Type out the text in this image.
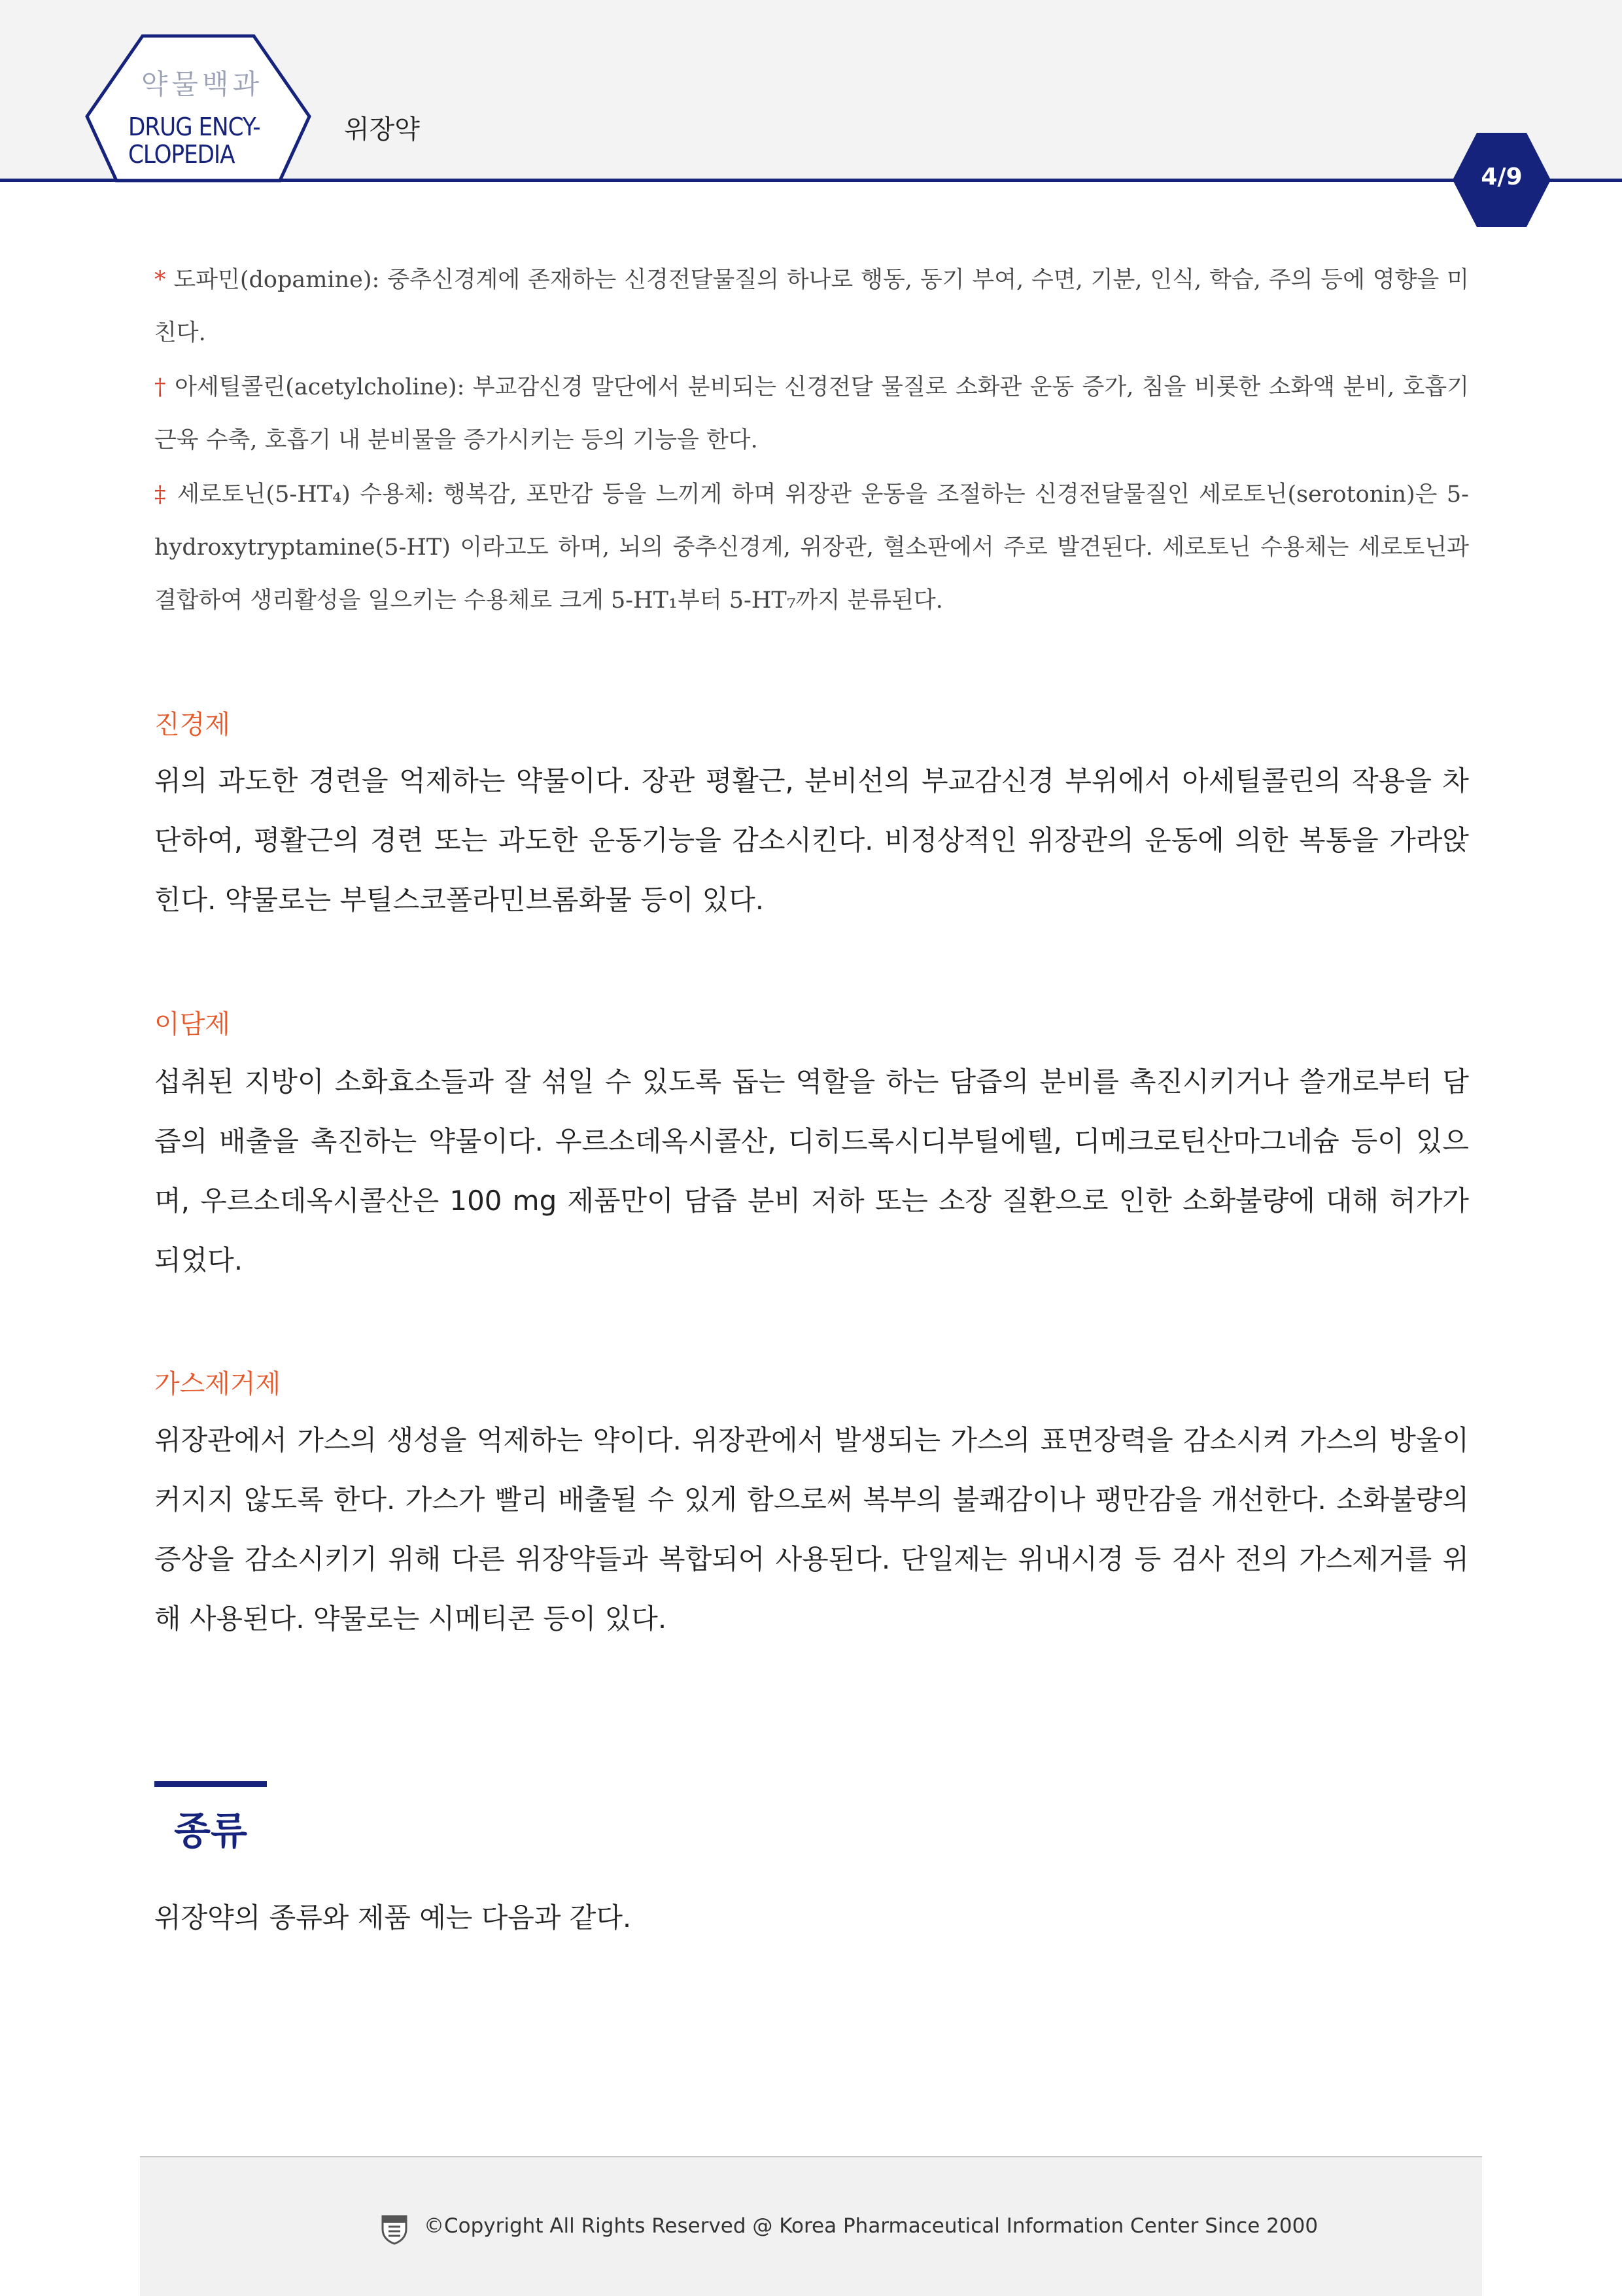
약물백과
DRUG ENCY-
CLOPEDIA
위장약
4/9
* 도파민(dopamine): 중추신경계에 존재하는 신경전달물질의 하나로 행동, 동기 부여, 수면, 기분, 인식, 학습, 주의 등에 영향을 미친다.
† 아세틸콜린(acetylcholine): 부교감신경 말단에서 분비되는 신경전달 물질로 소화관 운동 증가, 침을 비롯한 소화액 분비, 호흡기 근육 수축, 호흡기 내 분비물을 증가시키는 등의 기능을 한다.
‡ 세로토닌(5-HT₄) 수용체: 행복감, 포만감 등을 느끼게 하며 위장관 운동을 조절하는 신경전달물질인 세로토닌(serotonin)은 5-hydroxytryptamine(5-HT) 이라고도 하며, 뇌의 중추신경계, 위장관, 혈소판에서 주로 발견된다. 세로토닌 수용체는 세로토닌과 결합하여 생리활성을 일으키는 수용체로 크게 5-HT₁부터 5-HT₇까지 분류된다.
진경제
위의 과도한 경련을 억제하는 약물이다. 장관 평활근, 분비선의 부교감신경 부위에서 아세틸콜린의 작용을 차단하여, 평활근의 경련 또는 과도한 운동기능을 감소시킨다. 비정상적인 위장관의 운동에 의한 복통을 가라앉힌다. 약물로는 부틸스코폴라민브롬화물 등이 있다.
이담제
섭취된 지방이 소화효소들과 잘 섞일 수 있도록 돕는 역할을 하는 담즙의 분비를 촉진시키거나 쓸개로부터 담즙의 배출을 촉진하는 약물이다. 우르소데옥시콜산, 디히드록시디부틸에텔, 디메크로틴산마그네슘 등이 있으며, 우르소데옥시콜산은 100 mg 제품만이 담즙 분비 저하 또는 소장 질환으로 인한 소화불량에 대해 허가가 되었다.
가스제거제
위장관에서 가스의 생성을 억제하는 약이다. 위장관에서 발생되는 가스의 표면장력을 감소시켜 가스의 방울이 커지지 않도록 한다. 가스가 빨리 배출될 수 있게 함으로써 복부의 불쾌감이나 팽만감을 개선한다. 소화불량의 증상을 감소시키기 위해 다른 위장약들과 복합되어 사용된다. 단일제는 위내시경 등 검사 전의 가스제거를 위해 사용된다. 약물로는 시메티콘 등이 있다.
종류
위장약의 종류와 제품 예는 다음과 같다.
©Copyright All Rights Reserved @ Korea Pharmaceutical Information Center Since 2000
